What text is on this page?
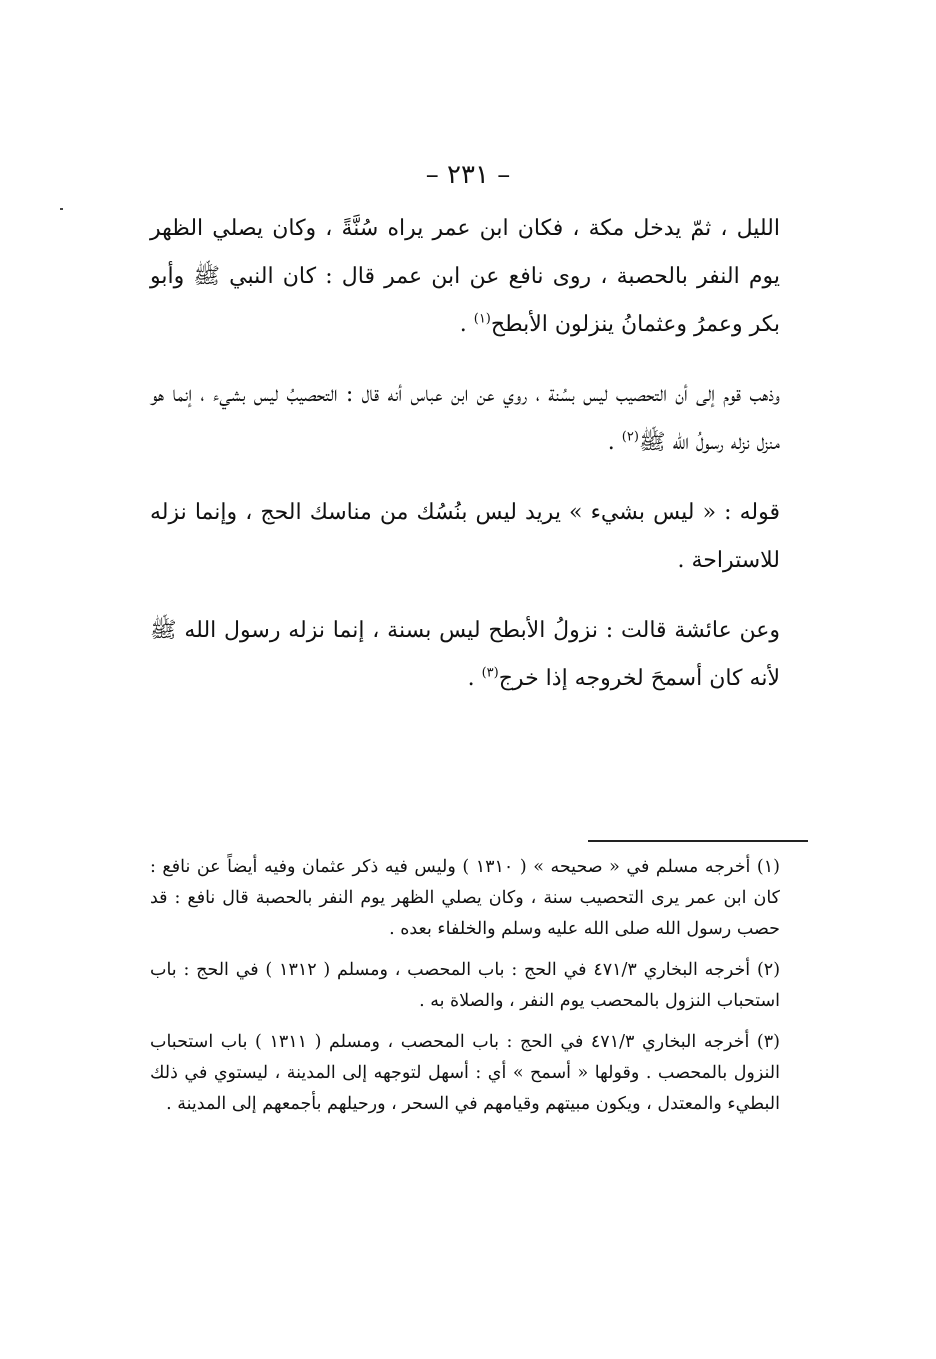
– ٢٣١ –

الليل ، ثمّ يدخل مكة ، فكان ابن عمر يراه سُنَّةً ، وكان يصلي الظهر يوم النفر بالحصبة ، روى نافع عن ابن عمر قال : كان النبي ﷺ وأبو بكر وعمرُ وعثمانُ ينزلون الأبطح$^{(١)}$ .

وذهب قوم إلى أن التحصيب ليس بسُنة ، روي عن ابن عباس أنه قال : التحصيبُ ليس بشيء ، إنما هو منزل نزله رسولُ الله ﷺ$^{(٢)}$ .

قوله : « ليس بشيء » يريد ليس بنُسُك من مناسك الحج ، وإنما نزله للاستراحة .

وعن عائشة قالت : نزولُ الأبطح ليس بسنة ، إنما نزله رسول الله ﷺ لأنه كان أسمحَ لخروجه إذا خرج$^{(٣)}$ .

(١) أخرجه مسلم في « صحيحه » ( ١٣١٠ ) وليس فيه ذكر عثمان وفيه أيضاً عن نافع : كان ابن عمر يرى التحصيب سنة ، وكان يصلي الظهر يوم النفر بالحصبة قال نافع : قد حصب رسول الله صلى الله عليه وسلم والخلفاء بعده .

(٢) أخرجه البخاري ٤٧١/٣ في الحج : باب المحصب ، ومسلم ( ١٣١٢ ) في الحج : باب استحباب النزول بالمحصب يوم النفر ، والصلاة به .

(٣) أخرجه البخاري ٤٧١/٣ في الحج : باب المحصب ، ومسلم ( ١٣١١ ) باب استحباب النزول بالمحصب . وقولها « أسمح » أي : أسهل لتوجهه إلى المدينة ، ليستوي في ذلك البطيء والمعتدل ، ويكون مبيتهم وقيامهم في السحر ، ورحيلهم بأجمعهم إلى المدينة .
